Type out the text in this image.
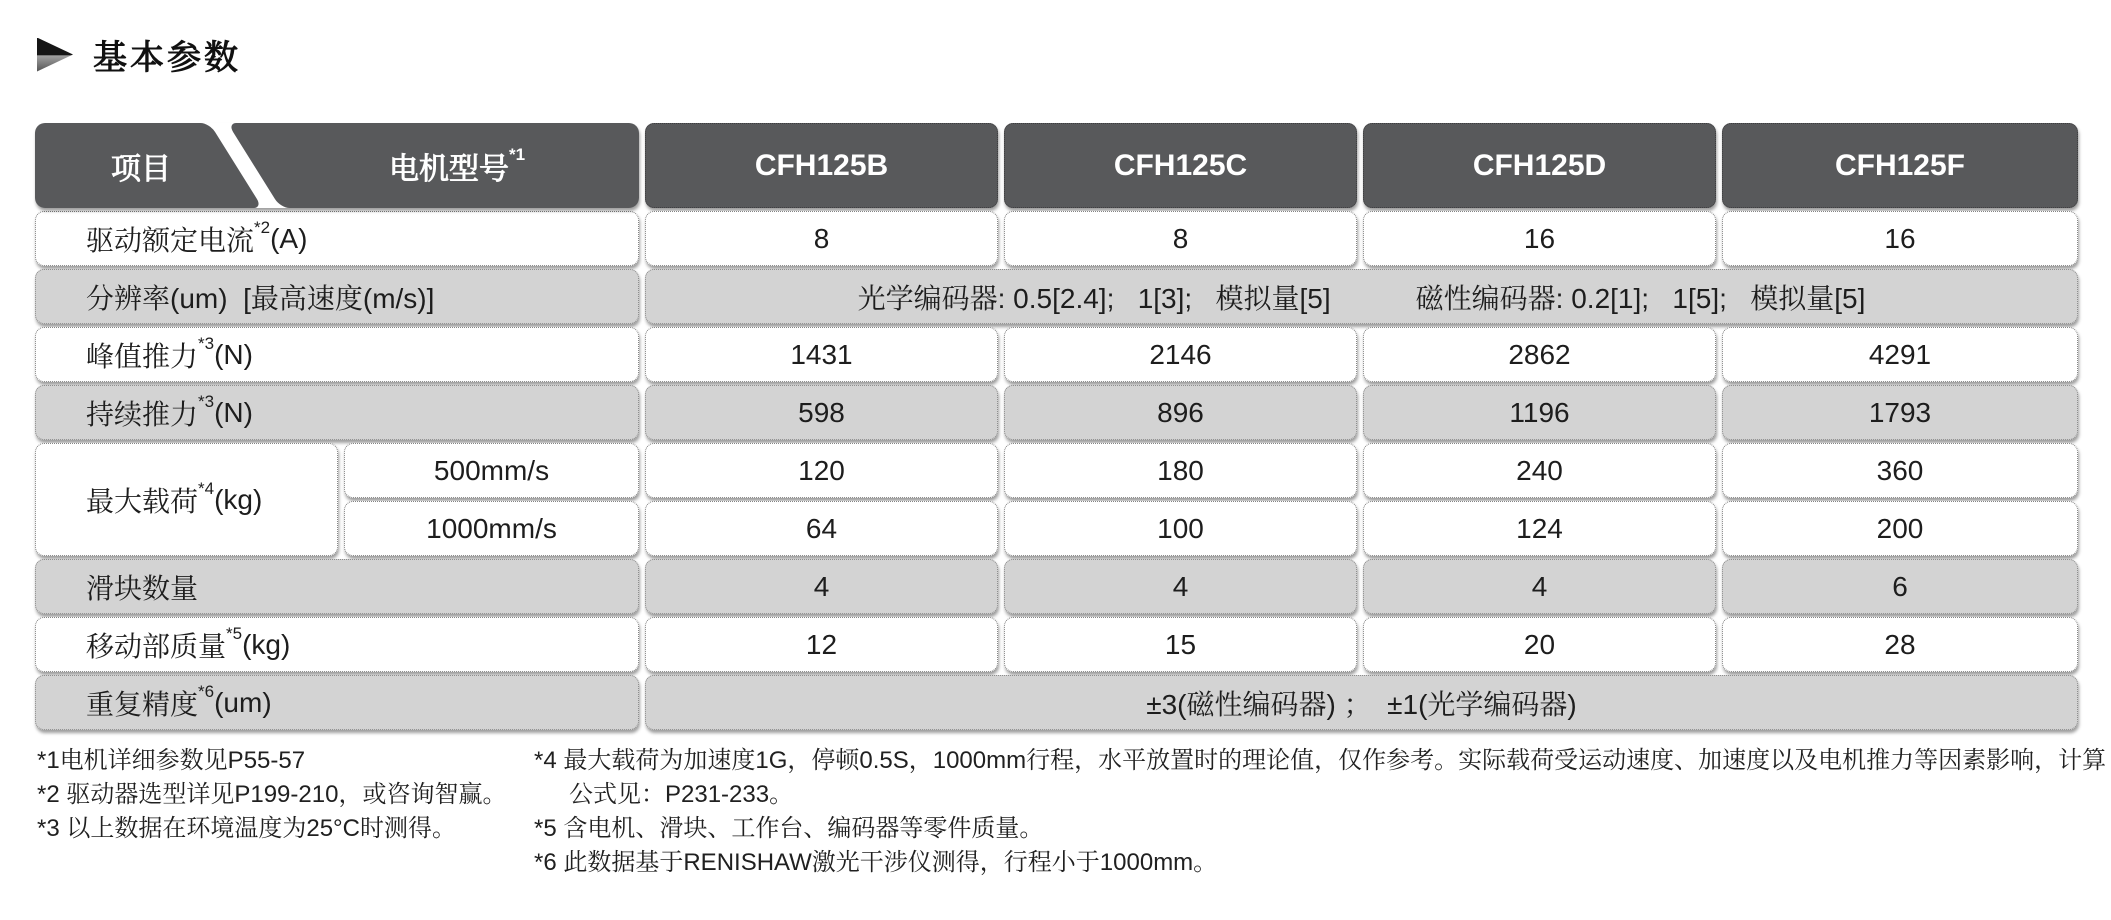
基本参数
项目	电机型号 *1	CFH125B	CFH125C	CFH125D	CFH125F
驱动额定电流 *2 (A)	8	8	16	16
分辨率(um)  [最高速度(m/s)]	光学编码器: 0.5[2.4];   1[3];   模拟量[5]	磁性编码器: 0.2[1];   1[5];   模拟量[5]
峰值推力 *3 (N)	1431	2146	2862	4291
持续推力 *3 (N)	598	896	1196	1793
最大载荷 *4 (kg)
500mm/s	120	180	240	360
1000mm/s	64	100	124	200
滑块数量	4	4	4	6
移动部质量 *5 (kg)	12	15	20	28
重复精度 *6 (um)	±3(磁性编码器) ；  ±1(光学编码器)
*1电机详细参数见P55-57
*2 驱动器选型详见P199-210，或咨询智赢。
*3 以上数据在环境温度为25°C时测得。
*4 最大载荷为加速度1G，停顿0.5S，1000mm行程，水平放置时的理论值，仅作参考。实际载荷受运动速度、加速度以及电机推力等因素影响，计算
公式见：P231-233。
*5 含电机、滑块、工作台、编码器等零件质量。
*6 此数据基于RENISHAW激光干涉仪测得，行程小于1000mm。
